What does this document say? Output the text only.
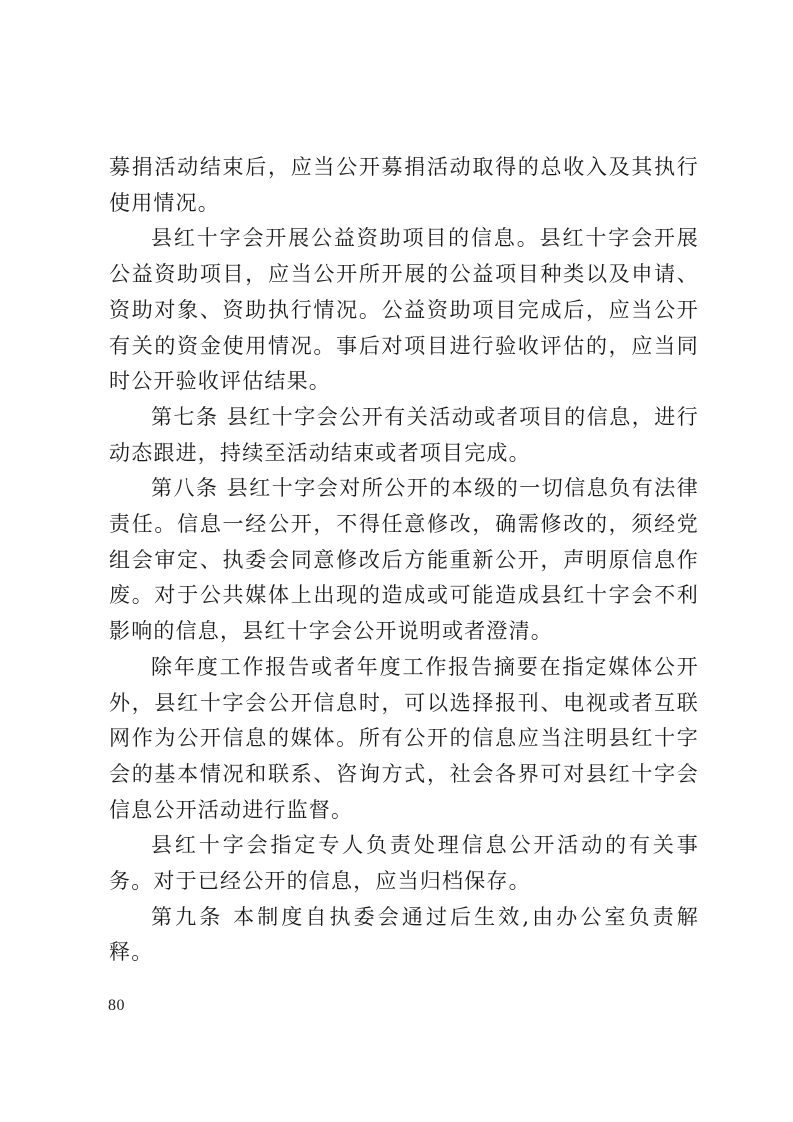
募捐活动结束后，应当公开募捐活动取得的总收入及其执行使用情况。

县红十字会开展公益资助项目的信息。县红十字会开展公益资助项目，应当公开所开展的公益项目种类以及申请、资助对象、资助执行情况。公益资助项目完成后，应当公开有关的资金使用情况。事后对项目进行验收评估的，应当同时公开验收评估结果。

第七条 县红十字会公开有关活动或者项目的信息，进行动态跟进，持续至活动结束或者项目完成。

第八条 县红十字会对所公开的本级的一切信息负有法律责任。信息一经公开，不得任意修改，确需修改的，须经党组会审定、执委会同意修改后方能重新公开，声明原信息作废。对于公共媒体上出现的造成或可能造成县红十字会不利影响的信息，县红十字会公开说明或者澄清。

除年度工作报告或者年度工作报告摘要在指定媒体公开外，县红十字会公开信息时，可以选择报刊、电视或者互联网作为公开信息的媒体。所有公开的信息应当注明县红十字会的基本情况和联系、咨询方式，社会各界可对县红十字会信息公开活动进行监督。

县红十字会指定专人负责处理信息公开活动的有关事务。对于已经公开的信息，应当归档保存。

第九条 本制度自执委会通过后生效,由办公室负责解释。

80
